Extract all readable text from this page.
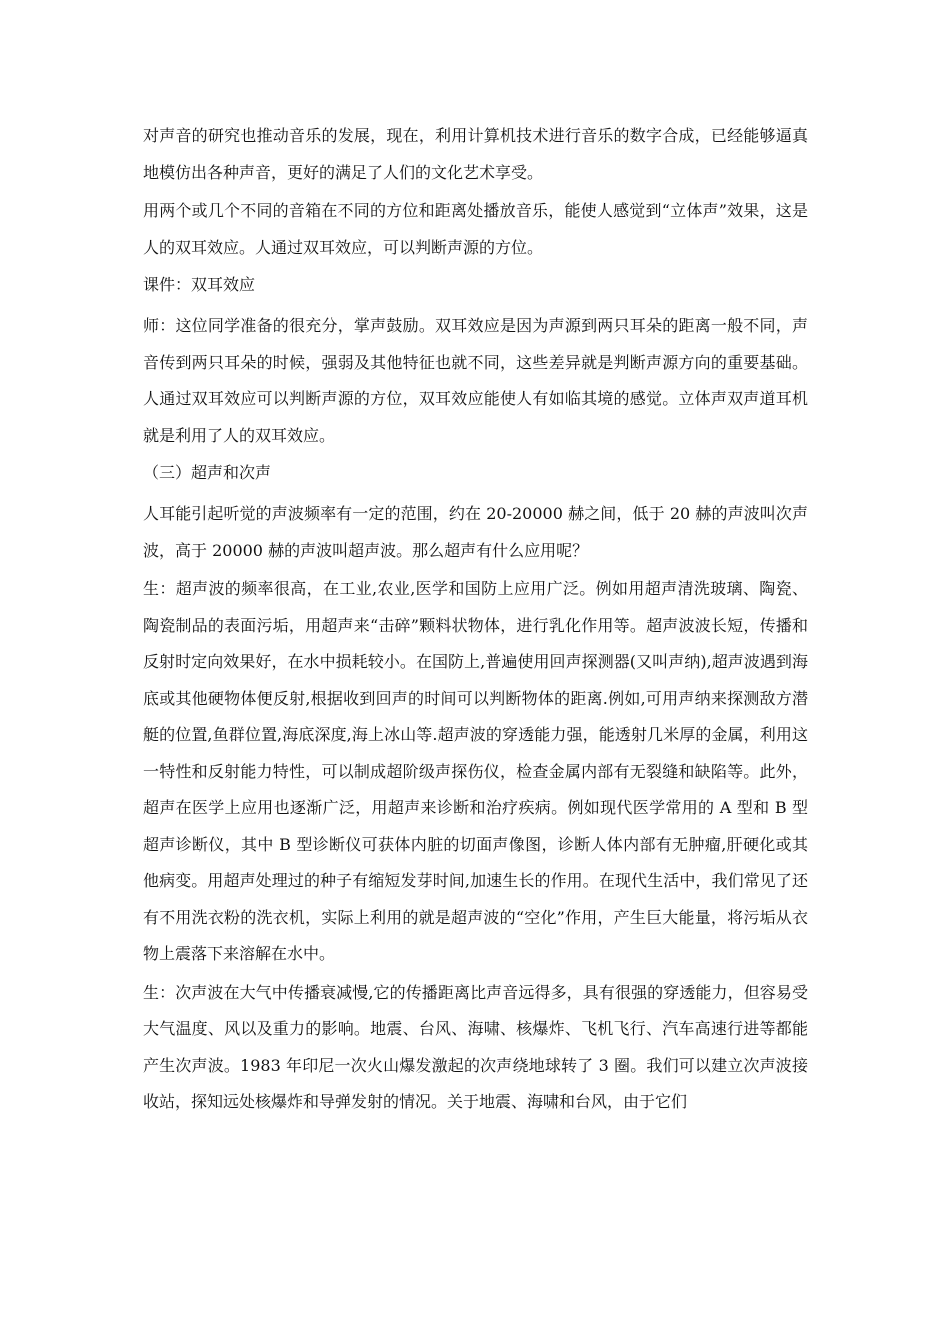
对声音的研究也推动音乐的发展，现在，利用计算机技术进行音乐的数字合成，已经能够逼真地模仿出各种声音，更好的满足了人们的文化艺术享受。

用两个或几个不同的音箱在不同的方位和距离处播放音乐，能使人感觉到“立体声”效果，这是人的双耳效应。人通过双耳效应，可以判断声源的方位。

课件：双耳效应

师：这位同学准备的很充分，掌声鼓励。双耳效应是因为声源到两只耳朵的距离一般不同，声音传到两只耳朵的时候，强弱及其他特征也就不同，这些差异就是判断声源方向的重要基础。人通过双耳效应可以判断声源的方位，双耳效应能使人有如临其境的感觉。立体声双声道耳机就是利用了人的双耳效应。

（三）超声和次声

人耳能引起听觉的声波频率有一定的范围，约在 20-20000 赫之间，低于 20 赫的声波叫次声波，高于 20000 赫的声波叫超声波。那么超声有什么应用呢？

生：超声波的频率很高，在工业,农业,医学和国防上应用广泛。例如用超声清洗玻璃、陶瓷、陶瓷制品的表面污垢，用超声来“击碎”颗料状物体，进行乳化作用等。超声波波长短，传播和反射时定向效果好，在水中损耗较小。在国防上,普遍使用回声探测器(又叫声纳),超声波遇到海底或其他硬物体便反射,根据收到回声的时间可以判断物体的距离.例如,可用声纳来探测敌方潜艇的位置,鱼群位置,海底深度,海上冰山等.超声波的穿透能力强，能透射几米厚的金属，利用这一特性和反射能力特性，可以制成超阶级声探伤仪，检查金属内部有无裂缝和缺陷等。此外，超声在医学上应用也逐渐广泛，用超声来诊断和治疗疾病。例如现代医学常用的 A 型和 B 型超声诊断仪，其中 B 型诊断仪可获体内脏的切面声像图，诊断人体内部有无肿瘤,肝硬化或其他病变。用超声处理过的种子有缩短发芽时间,加速生长的作用。在现代生活中，我们常见了还有不用洗衣粉的洗衣机，实际上利用的就是超声波的“空化”作用，产生巨大能量，将污垢从衣物上震落下来溶解在水中。

生：次声波在大气中传播衰减慢,它的传播距离比声音远得多，具有很强的穿透能力，但容易受大气温度、风以及重力的影响。地震、台风、海啸、核爆炸、飞机飞行、汽车高速行进等都能产生次声波。1983 年印尼一次火山爆发激起的次声绕地球转了 3 圈。我们可以建立次声波接收站，探知远处核爆炸和导弹发射的情况。关于地震、海啸和台风，由于它们
